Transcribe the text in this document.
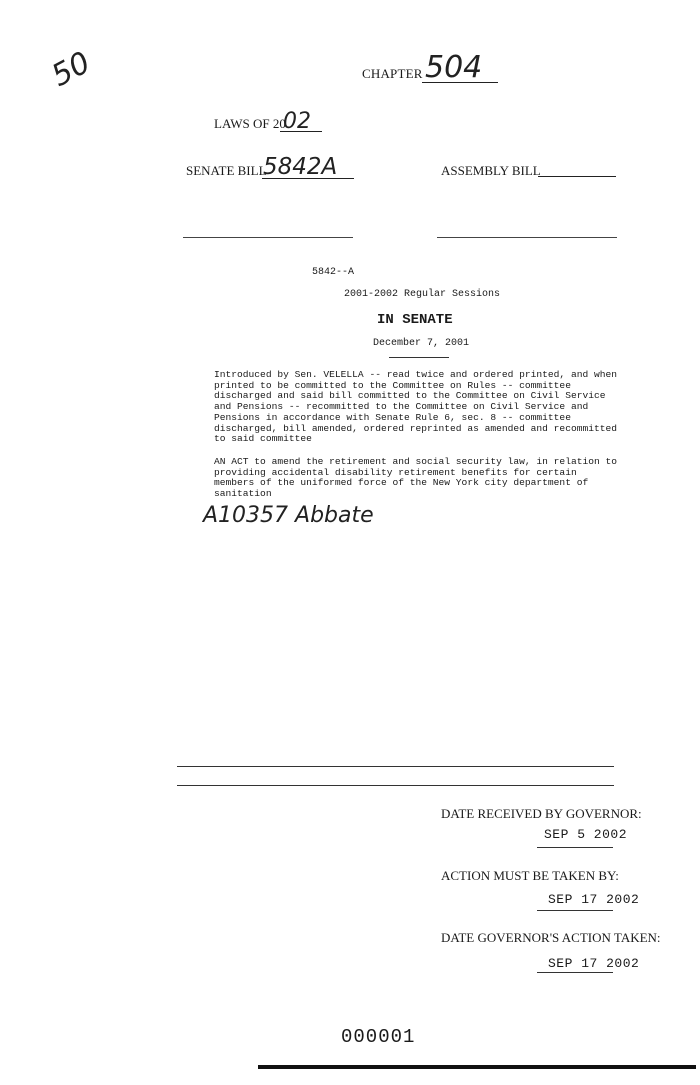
50	CHAPTER 504
LAWS OF 20
02
SENATE BILL
5842A	ASSEMBLY BILL
5842--A
2001-2002 Regular Sessions
IN SENATE
December 7, 2001
Introduced by Sen. VELELLA -- read twice and ordered printed, and when
printed to be committed to the Committee on Rules -- committee
discharged and said bill committed to the Committee on Civil Service
and Pensions -- recommitted to the Committee on Civil Service and
Pensions in accordance with Senate Rule 6, sec. 8 -- committee
discharged, bill amended, ordered reprinted as amended and recommitted
to said committee
AN ACT to amend the retirement and social security law, in relation to
providing accidental disability retirement benefits for certain
members of the uniformed force of the New York city department of
sanitation
A10357 Abbate
DATE RECEIVED BY GOVERNOR:
SEP 5 2002
ACTION MUST BE TAKEN BY:
SEP 17 2002
DATE GOVERNOR'S ACTION TAKEN:
SEP 17 2002
000001
